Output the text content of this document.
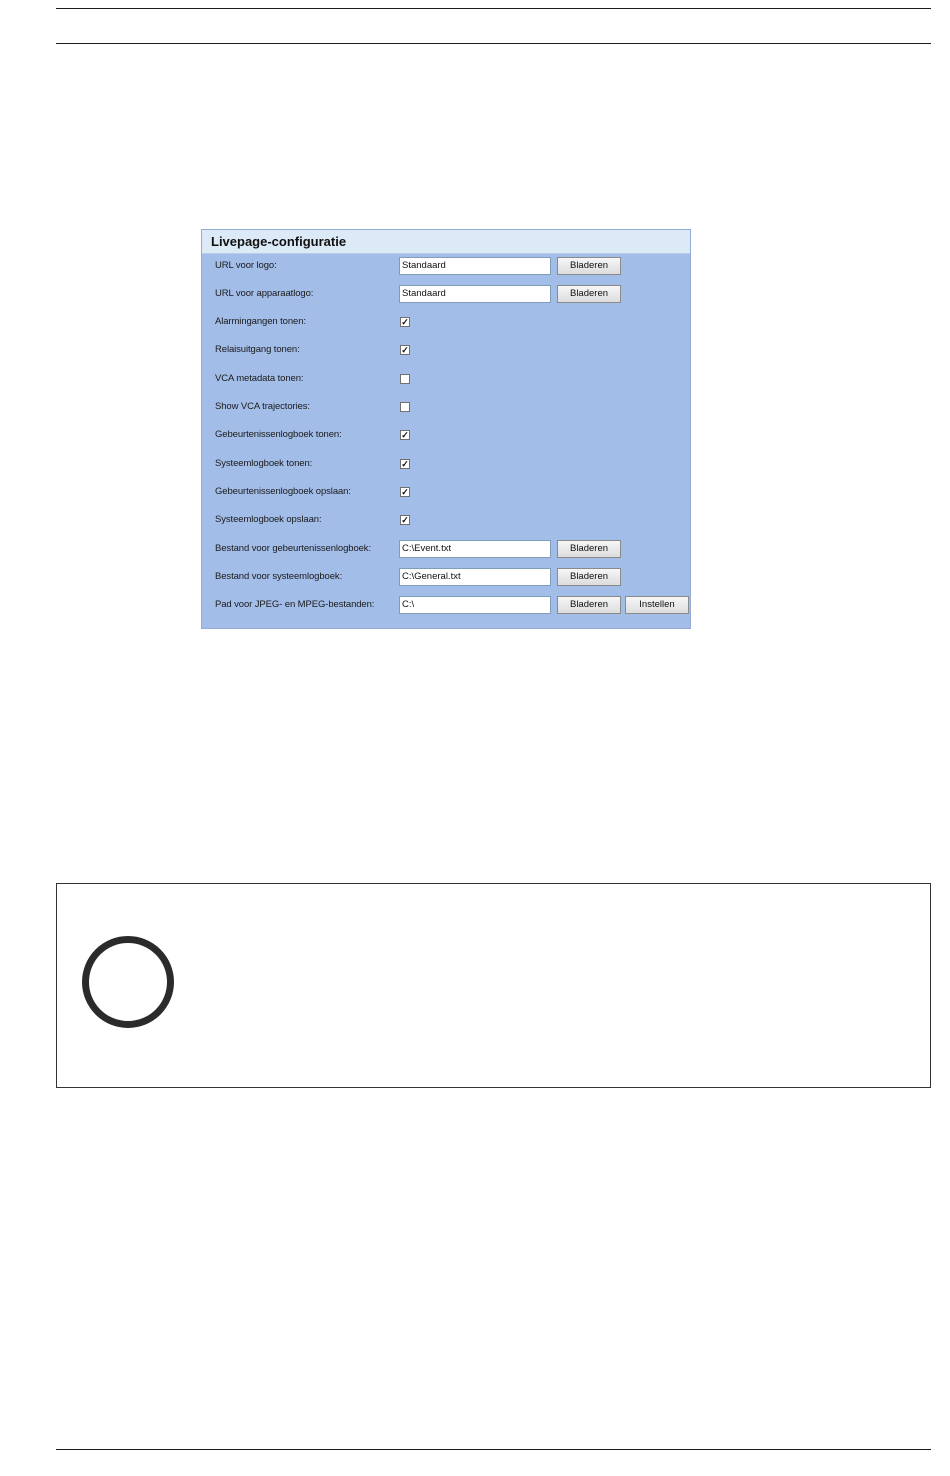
Livepage-configuratie
URL voor logo:	Standaard	Bladeren
URL voor apparaatlogo:	Standaard	Bladeren
Alarmingangen tonen:	✓
Relaisuitgang tonen:	✓
VCA metadata tonen:
Show VCA trajectories:
Gebeurtenissenlogboek tonen:	✓
Systeemlogboek tonen:	✓
Gebeurtenissenlogboek opslaan:	✓
Systeemlogboek opslaan:	✓
Bestand voor gebeurtenissenlogboek:	C:\Event.txt	Bladeren
Bestand voor systeemlogboek:	C:\General.txt	Bladeren
Pad voor JPEG- en MPEG-bestanden:	C:\	Bladeren	Instellen
